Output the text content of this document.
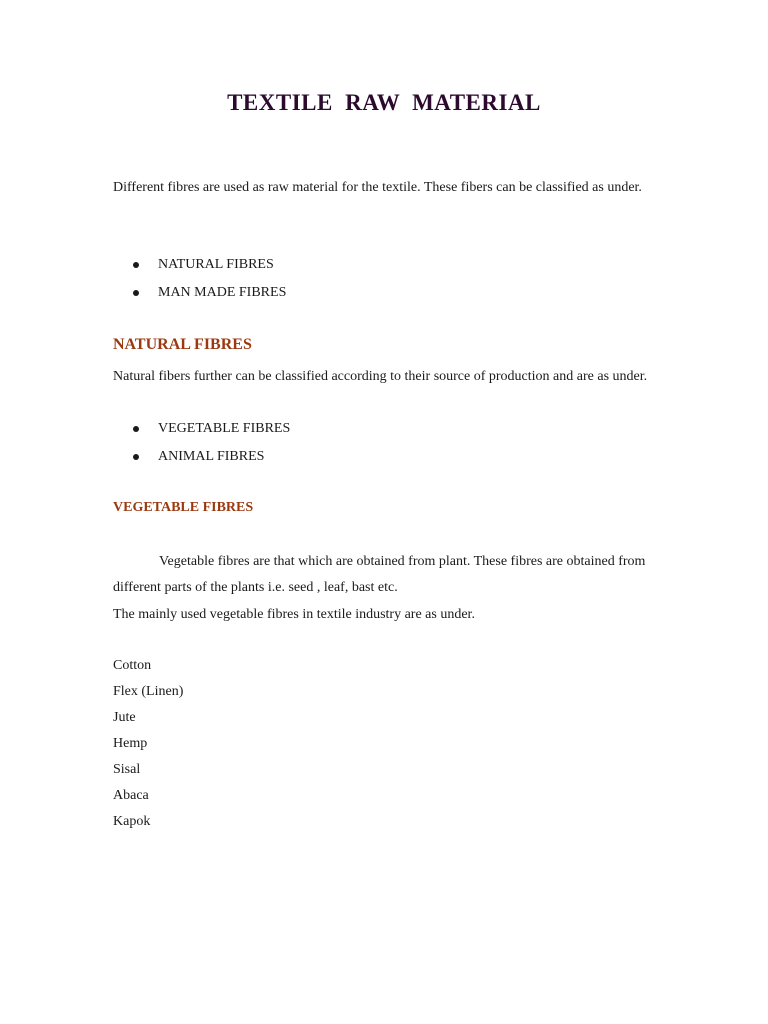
TEXTILE RAW MATERIAL

Different fibres are used as raw material for the textile. These fibers can be classified as under.

NATURAL FIBRES
MAN MADE FIBRES
NATURAL FIBRES

Natural fibers further can be classified according to their source of production and are as under.

VEGETABLE FIBRES
ANIMAL FIBRES
VEGETABLE FIBRES

Vegetable fibres are that which are obtained from plant. These fibres are obtained from different parts of the plants i.e. seed , leaf, bast etc.

The mainly used vegetable fibres in textile industry are as under.

Cotton
Flex (Linen)
Jute
Hemp
Sisal
Abaca
Kapok
